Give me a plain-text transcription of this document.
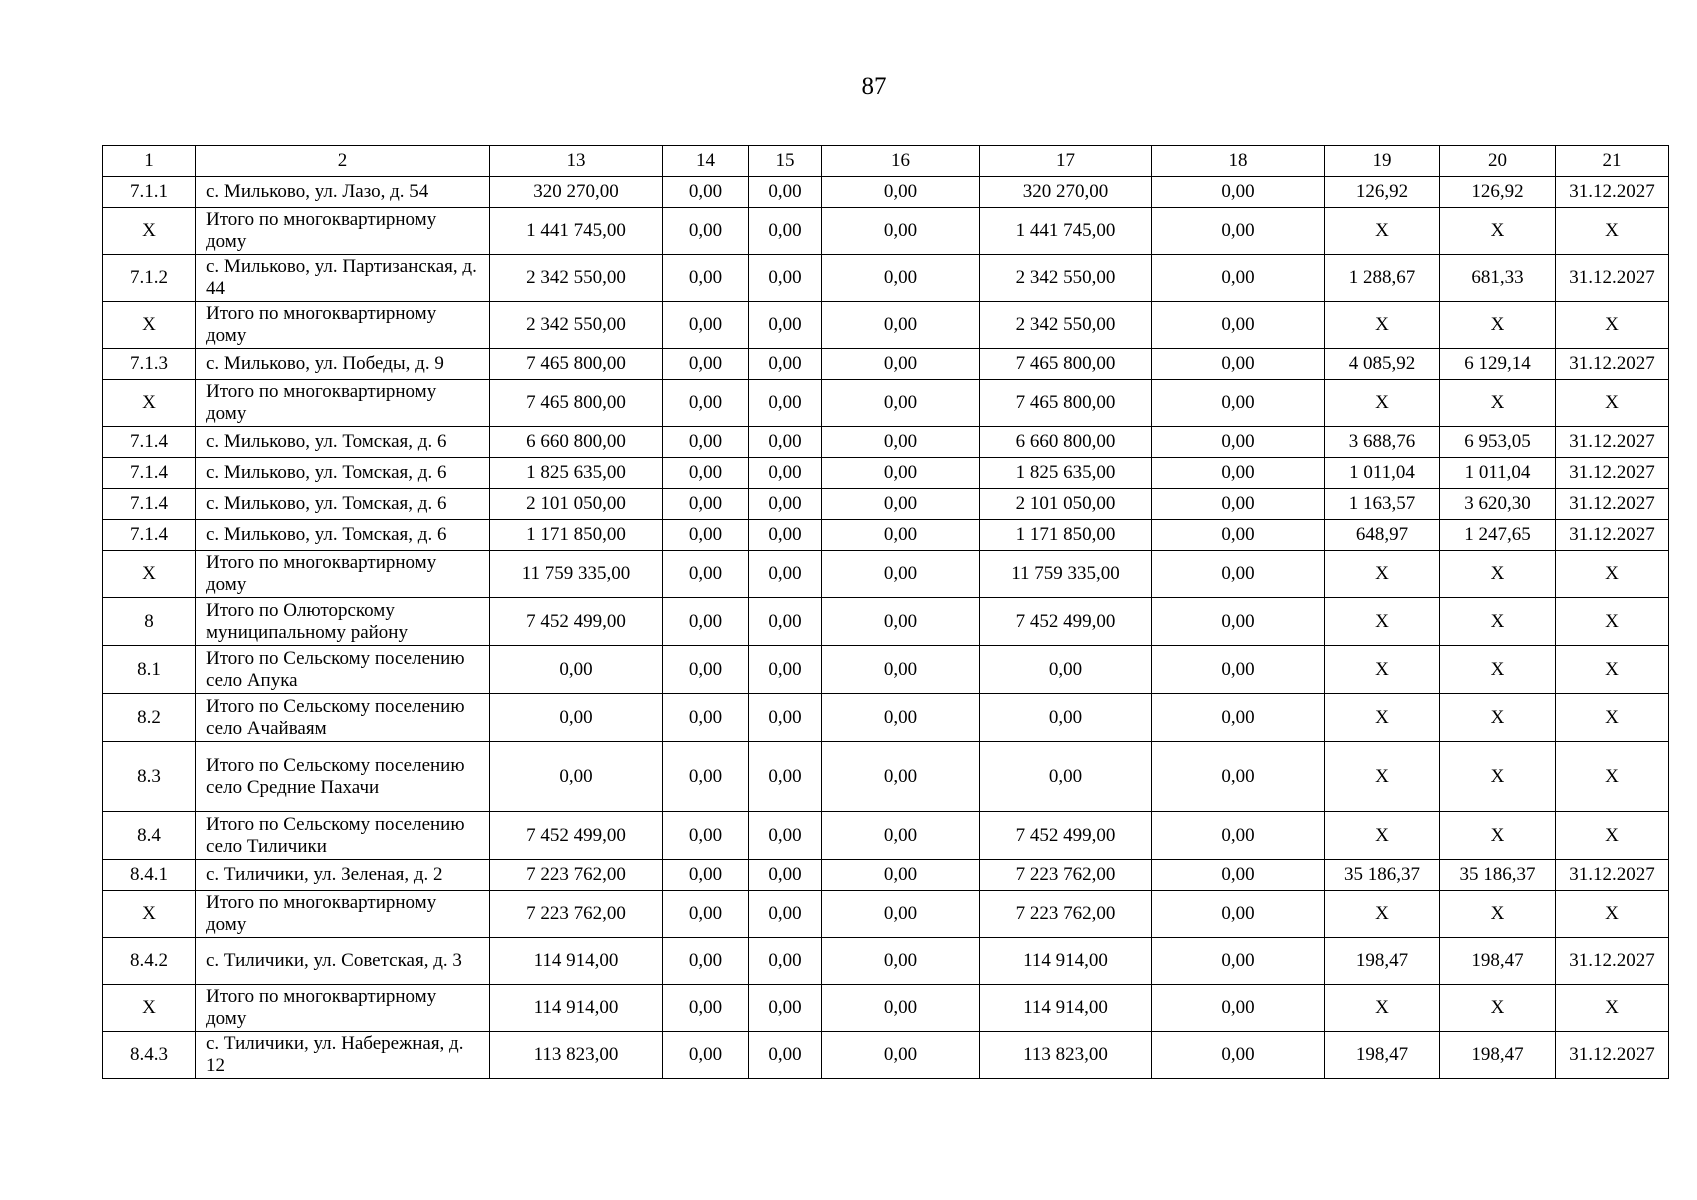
87
1	2	13	14	15	16	17	18	19	20	21
7.1.1	с. Мильково, ул. Лазо, д. 54	320 270,00	0,00	0,00	0,00	320 270,00	0,00	126,92	126,92	31.12.2027
X	Итого по многоквартирному дому	1 441 745,00	0,00	0,00	0,00	1 441 745,00	0,00	X	X	X
7.1.2	с. Мильково, ул. Партизанская, д. 44	2 342 550,00	0,00	0,00	0,00	2 342 550,00	0,00	1 288,67	681,33	31.12.2027
X	Итого по многоквартирному дому	2 342 550,00	0,00	0,00	0,00	2 342 550,00	0,00	X	X	X
7.1.3	с. Мильково, ул. Победы, д. 9	7 465 800,00	0,00	0,00	0,00	7 465 800,00	0,00	4 085,92	6 129,14	31.12.2027
X	Итого по многоквартирному дому	7 465 800,00	0,00	0,00	0,00	7 465 800,00	0,00	X	X	X
7.1.4	с. Мильково, ул. Томская, д. 6	6 660 800,00	0,00	0,00	0,00	6 660 800,00	0,00	3 688,76	6 953,05	31.12.2027
7.1.4	с. Мильково, ул. Томская, д. 6	1 825 635,00	0,00	0,00	0,00	1 825 635,00	0,00	1 011,04	1 011,04	31.12.2027
7.1.4	с. Мильково, ул. Томская, д. 6	2 101 050,00	0,00	0,00	0,00	2 101 050,00	0,00	1 163,57	3 620,30	31.12.2027
7.1.4	с. Мильково, ул. Томская, д. 6	1 171 850,00	0,00	0,00	0,00	1 171 850,00	0,00	648,97	1 247,65	31.12.2027
X	Итого по многоквартирному дому	11 759 335,00	0,00	0,00	0,00	11 759 335,00	0,00	X	X	X
8	Итого по Олюторскому муниципальному району	7 452 499,00	0,00	0,00	0,00	7 452 499,00	0,00	X	X	X
8.1	Итого по Сельскому поселению село Апука	0,00	0,00	0,00	0,00	0,00	0,00	X	X	X
8.2	Итого по Сельскому поселению село Ачайваям	0,00	0,00	0,00	0,00	0,00	0,00	X	X	X
8.3	Итого по Сельскому поселению село Средние Пахачи	0,00	0,00	0,00	0,00	0,00	0,00	X	X	X
8.4	Итого по Сельскому поселению село Тиличики	7 452 499,00	0,00	0,00	0,00	7 452 499,00	0,00	X	X	X
8.4.1	с. Тиличики, ул. Зеленая, д. 2	7 223 762,00	0,00	0,00	0,00	7 223 762,00	0,00	35 186,37	35 186,37	31.12.2027
X	Итого по многоквартирному дому	7 223 762,00	0,00	0,00	0,00	7 223 762,00	0,00	X	X	X
8.4.2	с. Тиличики, ул. Советская, д. 3	114 914,00	0,00	0,00	0,00	114 914,00	0,00	198,47	198,47	31.12.2027
X	Итого по многоквартирному дому	114 914,00	0,00	0,00	0,00	114 914,00	0,00	X	X	X
8.4.3	с. Тиличики, ул. Набережная, д. 12	113 823,00	0,00	0,00	0,00	113 823,00	0,00	198,47	198,47	31.12.2027
